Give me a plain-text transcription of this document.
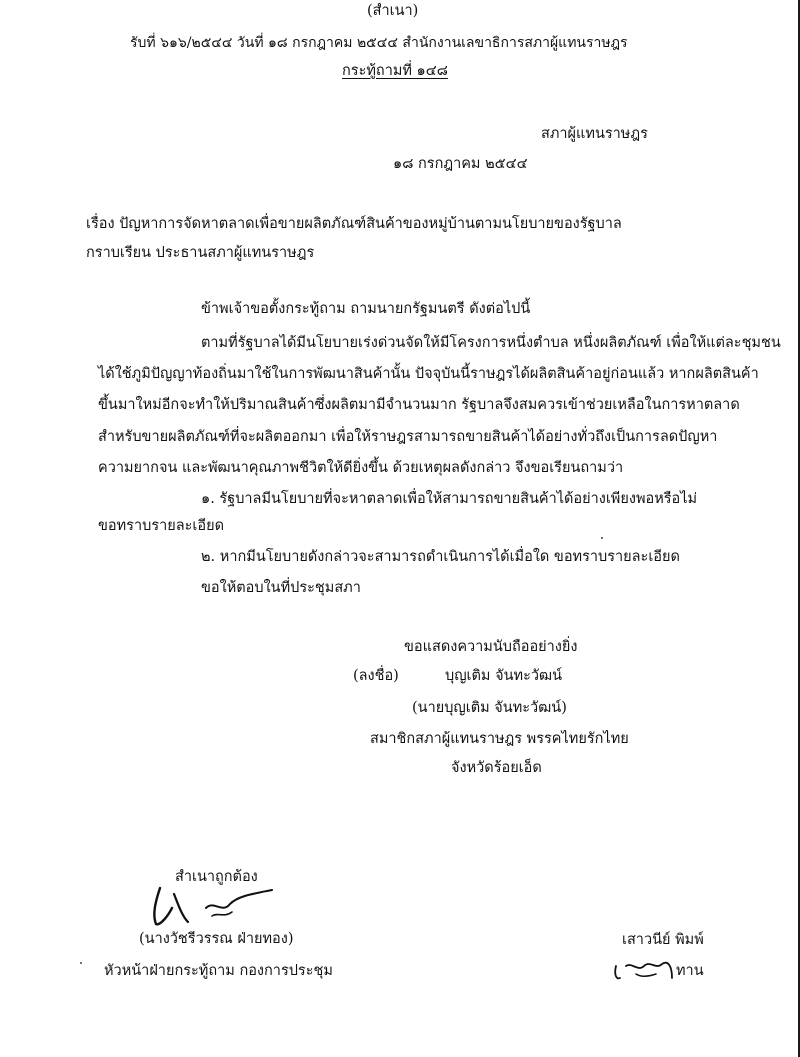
(สำเนา)
รับที่ ๖๑๖/๒๕๔๔ วันที่ ๑๘ กรกฎาคม ๒๕๔๔ สำนักงานเลขาธิการสภาผู้แทนราษฎร
กระทู้ถามที่ ๑๔๘
สภาผู้แทนราษฎร
๑๘ กรกฎาคม ๒๕๔๔
เรื่อง ปัญหาการจัดหาตลาดเพื่อขายผลิตภัณฑ์สินค้าของหมู่บ้านตามนโยบายของรัฐบาล
กราบเรียน ประธานสภาผู้แทนราษฎร
ข้าพเจ้าขอตั้งกระทู้ถาม ถามนายกรัฐมนตรี ดังต่อไปนี้
ตามที่รัฐบาลได้มีนโยบายเร่งด่วนจัดให้มีโครงการหนึ่งตำบล หนึ่งผลิตภัณฑ์ เพื่อให้แต่ละชุมชน
ได้ใช้ภูมิปัญญาท้องถิ่นมาใช้ในการพัฒนาสินค้านั้น ปัจจุบันนี้ราษฎรได้ผลิตสินค้าอยู่ก่อนแล้ว หากผลิตสินค้า
ขึ้นมาใหม่อีกจะทำให้ปริมาณสินค้าซึ่งผลิตมามีจำนวนมาก รัฐบาลจึงสมควรเข้าช่วยเหลือในการหาตลาด
สำหรับขายผลิตภัณฑ์ที่จะผลิตออกมา เพื่อให้ราษฎรสามารถขายสินค้าได้อย่างทั่วถึงเป็นการลดปัญหา
ความยากจน และพัฒนาคุณภาพชีวิตให้ดียิ่งขึ้น ด้วยเหตุผลดังกล่าว จึงขอเรียนถามว่า
๑. รัฐบาลมีนโยบายที่จะหาตลาดเพื่อให้สามารถขายสินค้าได้อย่างเพียงพอหรือไม่
ขอทราบรายละเอียด
๒. หากมีนโยบายดังกล่าวจะสามารถดำเนินการได้เมื่อใด ขอทราบรายละเอียด
ขอให้ตอบในที่ประชุมสภา
ขอแสดงความนับถืออย่างยิ่ง
(ลงชื่อ)	บุญเติม จันทะวัฒน์
(นายบุญเติม จันทะวัฒน์)
สมาชิกสภาผู้แทนราษฎร พรรคไทยรักไทย
จังหวัดร้อยเอ็ด
สำเนาถูกต้อง
(นางวัชรีวรรณ ฝ่ายทอง)
หัวหน้าฝ่ายกระทู้ถาม กองการประชุม
เสาวนีย์ พิมพ์
ทาน
